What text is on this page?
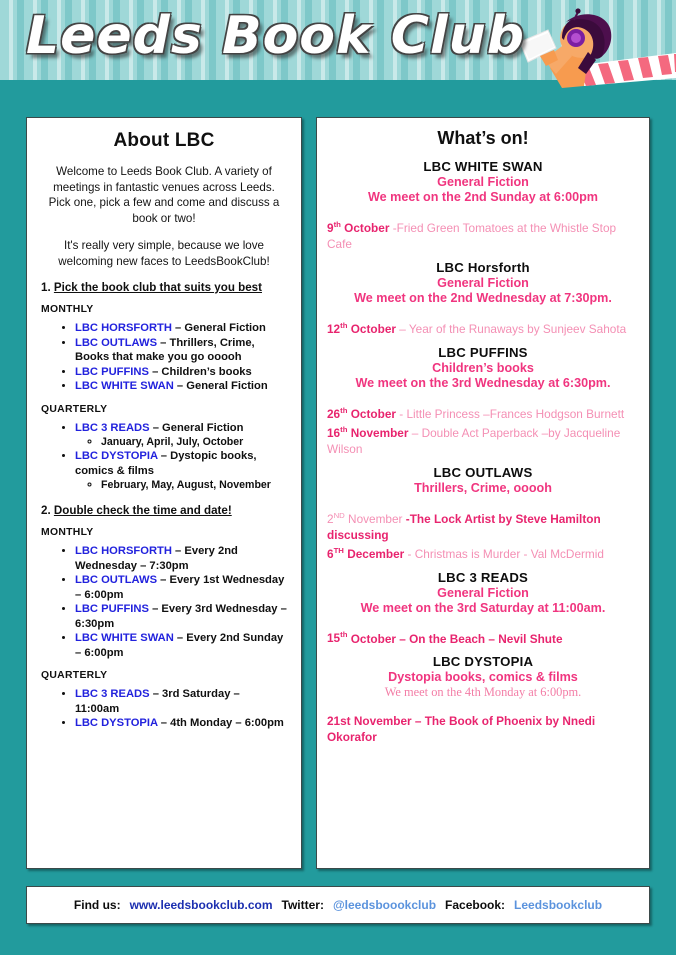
Leeds Book Club
About LBC

Welcome to Leeds Book Club. A variety of meetings in fantastic venues across Leeds. Pick one, pick a few and come and discuss a book or two!

It's really very simple, because we love welcoming new faces to LeedsBookClub!

1. Pick the book club that suits you best
MONTHLY
• LBC HORSFORTH – General Fiction
• LBC OUTLAWS – Thrillers, Crime, Books that make you go ooooh
• LBC PUFFINS – Children’s books
• LBC WHITE SWAN – General Fiction
QUARTERLY
• LBC 3 READS – General Fiction
◦ January, April, July, October
• LBC DYSTOPIA – Dystopic books, comics & films
◦ February, May, August, November
2. Double check the time and date!
MONTHLY
• LBC HORSFORTH – Every 2nd Wednesday – 7:30pm
• LBC OUTLAWS – Every 1st Wednesday – 6:00pm
• LBC PUFFINS – Every 3rd Wednesday – 6:30pm
• LBC WHITE SWAN – Every 2nd Sunday – 6:00pm
QUARTERLY
• LBC 3 READS – 3rd Saturday – 11:00am
• LBC DYSTOPIA – 4th Monday – 6:00pm
What’s on!
LBC WHITE SWAN
General Fiction
We meet on the 2nd Sunday at 6:00pm
9th October -Fried Green Tomatoes at the Whistle Stop Cafe
LBC Horsforth
General Fiction
We meet on the 2nd Wednesday at 7:30pm.
12th October – Year of the Runaways by Sunjeev Sahota
LBC PUFFINS
Children’s books
We meet on the 3rd Wednesday at 6:30pm.
26th October - Little Princess –Frances Hodgson Burnett
16th November – Double Act Paperback –by Jacqueline Wilson
LBC OUTLAWS
Thrillers, Crime, ooooh
2ND November -The Lock Artist by Steve Hamilton discussing
6TH December - Christmas is Murder - Val McDermid
LBC 3 READS
General Fiction
We meet on the 3rd Saturday at 11:00am.
15th October – On the Beach – Nevil Shute
LBC DYSTOPIA
Dystopia books, comics & films
We meet on the 4th Monday at 6:00pm.
21st November – The Book of Phoenix by Nnedi Okorafor
Find us: www.leedsbookclub.com Twitter: @leedsboookclub Facebook: Leedsbookclub
